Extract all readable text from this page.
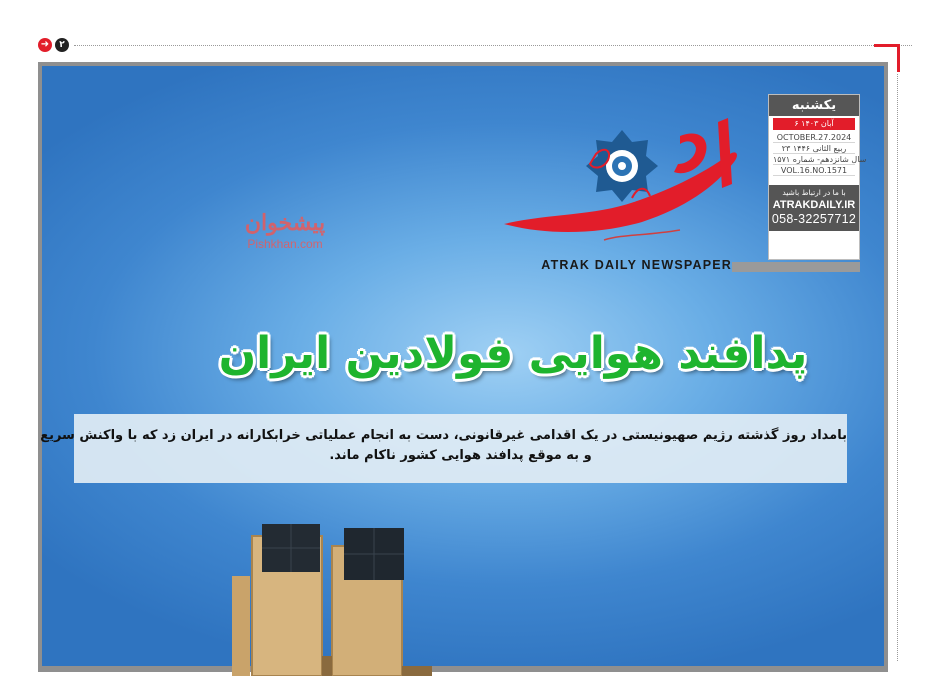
➜	۲
پیشخوان
Pishkhan.com
ATRAK DAILY NEWSPAPER
یکشنبه
۶ آبان ۱۴۰۳
OCTOBER.27.2024
۲۳ ربیع الثانی ۱۴۴۶
سال شانزدهم- شماره ۱۵۷۱
VOL.16.NO.1571
با ما در ارتباط باشید
ATRAKDAILY.IR
058-32257712
پدافند هوایی فولادین ایران

بامداد روز گذشته رژیم صهیونیستی در یک اقدامی غیرقانونی، دست به انجام عملیاتی خرابکارانه در ایران زد که با واکنش سریع

و به موقع پدافند هوایی کشور ناکام ماند.
